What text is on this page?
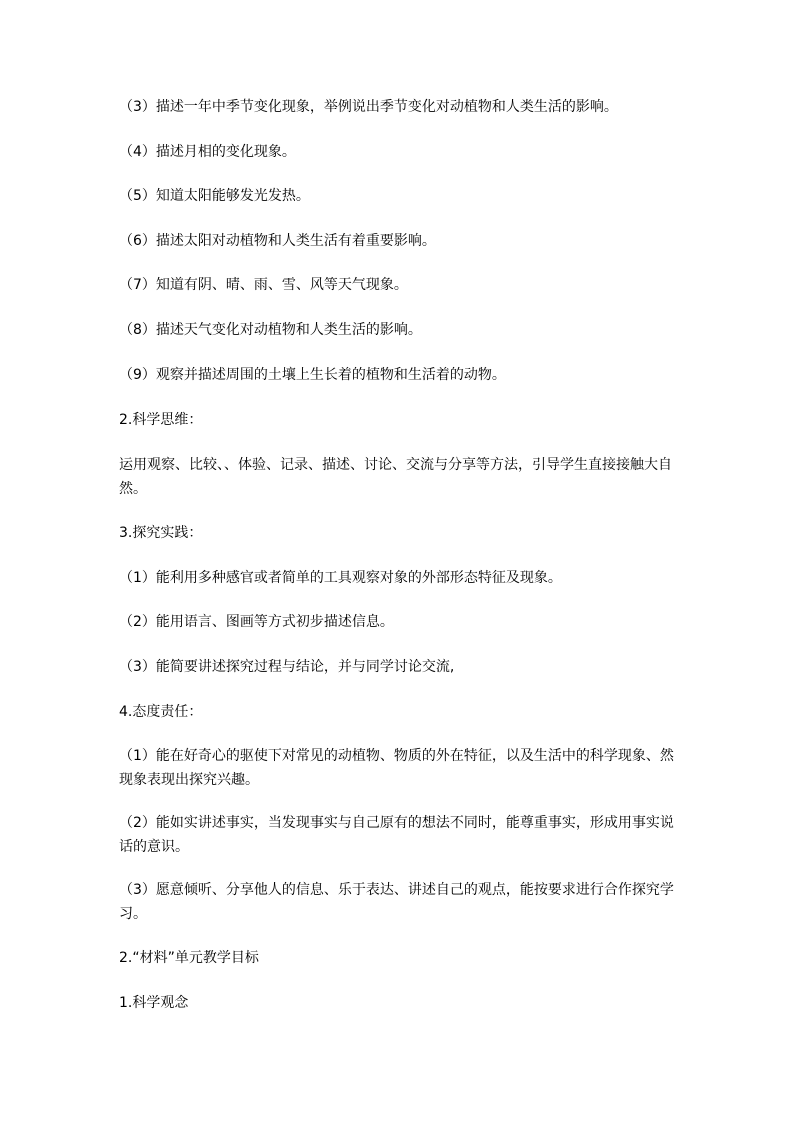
（3）描述一年中季节变化现象，举例说出季节变化对动植物和人类生活的影响。

（4）描述月相的变化现象。

（5）知道太阳能够发光发热。

（6）描述太阳对动植物和人类生活有着重要影响。

（7）知道有阴、晴、雨、雪、风等天气现象。

（8）描述天气变化对动植物和人类生活的影响。

（9）观察并描述周围的土壤上生长着的植物和生活着的动物。

2.科学思维：

运用观察、比较、、体验、记录、描述、讨论、交流与分享等方法，引导学生直接接触大自然。

3.探究实践：

（1）能利用多种感官或者简单的工具观察对象的外部形态特征及现象。

（2）能用语言、图画等方式初步描述信息。

（3）能简要讲述探究过程与结论，并与同学讨论交流,

4.态度责任：

（1）能在好奇心的驱使下对常见的动植物、物质的外在特征，以及生活中的科学现象、然现象表现出探究兴趣。

（2）能如实讲述事实，当发现事实与自己原有的想法不同时，能尊重事实，形成用事实说话的意识。

（3）愿意倾听、分享他人的信息、乐于表达、讲述自己的观点，能按要求进行合作探究学习。

2.“材料”单元教学目标

1.科学观念
